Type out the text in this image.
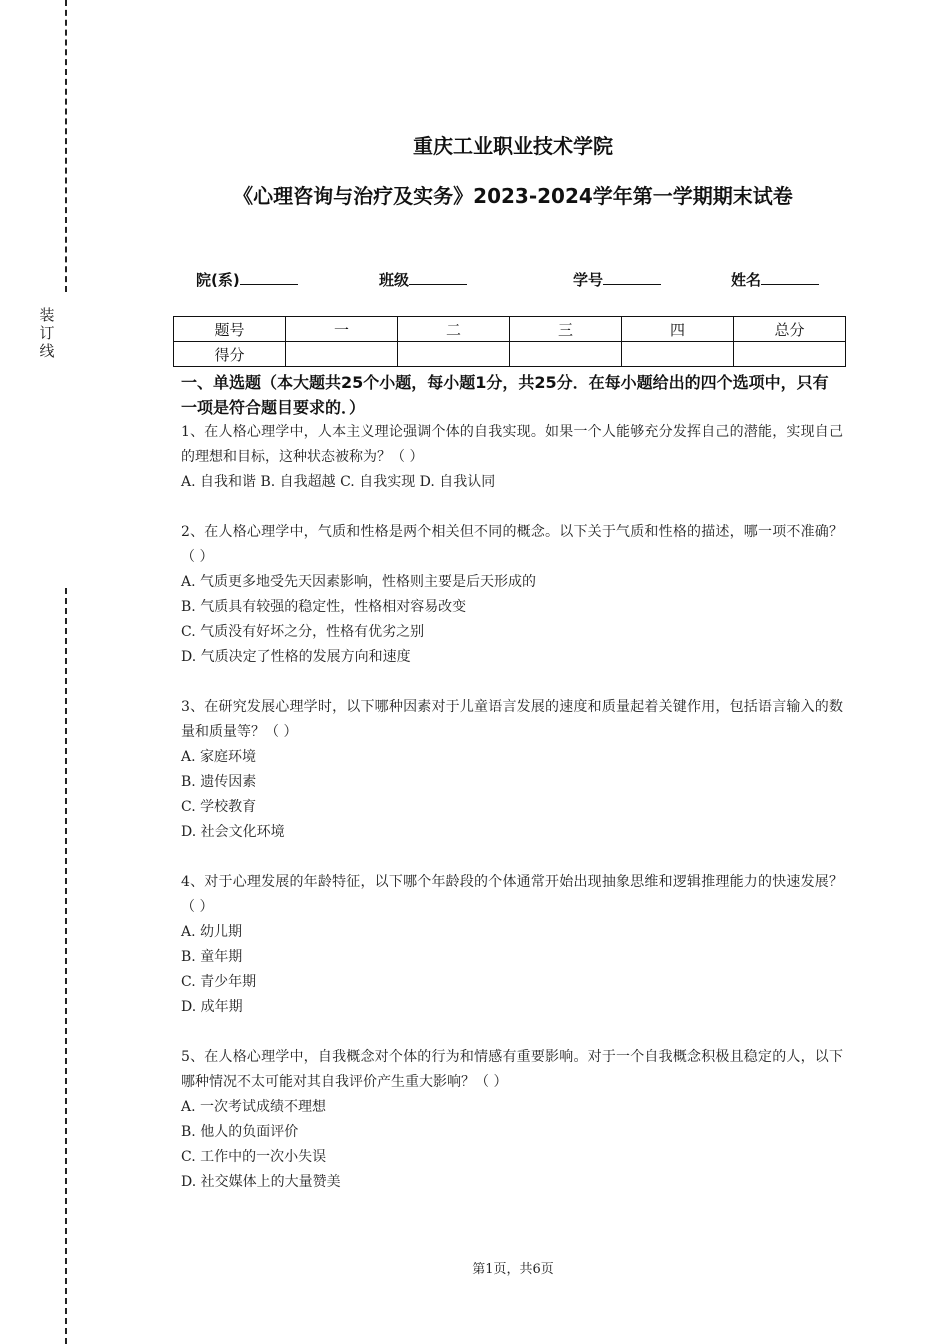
装
订
线
重庆工业职业技术学院
《心理咨询与治疗及实务》2023-2024学年第一学期期末试卷
院(系)	班级	学号	姓名
题号	一	二	三	四	总分
得分					
一、单选题（本大题共25个小题，每小题1分，共25分．在每小题给出的四个选项中，只有一项是符合题目要求的．）
1、在人格心理学中，人本主义理论强调个体的自我实现。如果一个人能够充分发挥自己的潜能，实现自己的理想和目标，这种状态被称为？（ ）
A. 自我和谐 B. 自我超越 C. 自我实现 D. 自我认同
2、在人格心理学中，气质和性格是两个相关但不同的概念。以下关于气质和性格的描述，哪一项不准确？（ ）
A. 气质更多地受先天因素影响，性格则主要是后天形成的
B. 气质具有较强的稳定性，性格相对容易改变
C. 气质没有好坏之分，性格有优劣之别
D. 气质决定了性格的发展方向和速度
3、在研究发展心理学时，以下哪种因素对于儿童语言发展的速度和质量起着关键作用，包括语言输入的数量和质量等？（ ）
A. 家庭环境
B. 遗传因素
C. 学校教育
D. 社会文化环境
4、对于心理发展的年龄特征，以下哪个年龄段的个体通常开始出现抽象思维和逻辑推理能力的快速发展？（ ）
A. 幼儿期
B. 童年期
C. 青少年期
D. 成年期
5、在人格心理学中，自我概念对个体的行为和情感有重要影响。对于一个自我概念积极且稳定的人，以下哪种情况不太可能对其自我评价产生重大影响？（ ）
A. 一次考试成绩不理想
B. 他人的负面评价
C. 工作中的一次小失误
D. 社交媒体上的大量赞美
第1页，共6页
